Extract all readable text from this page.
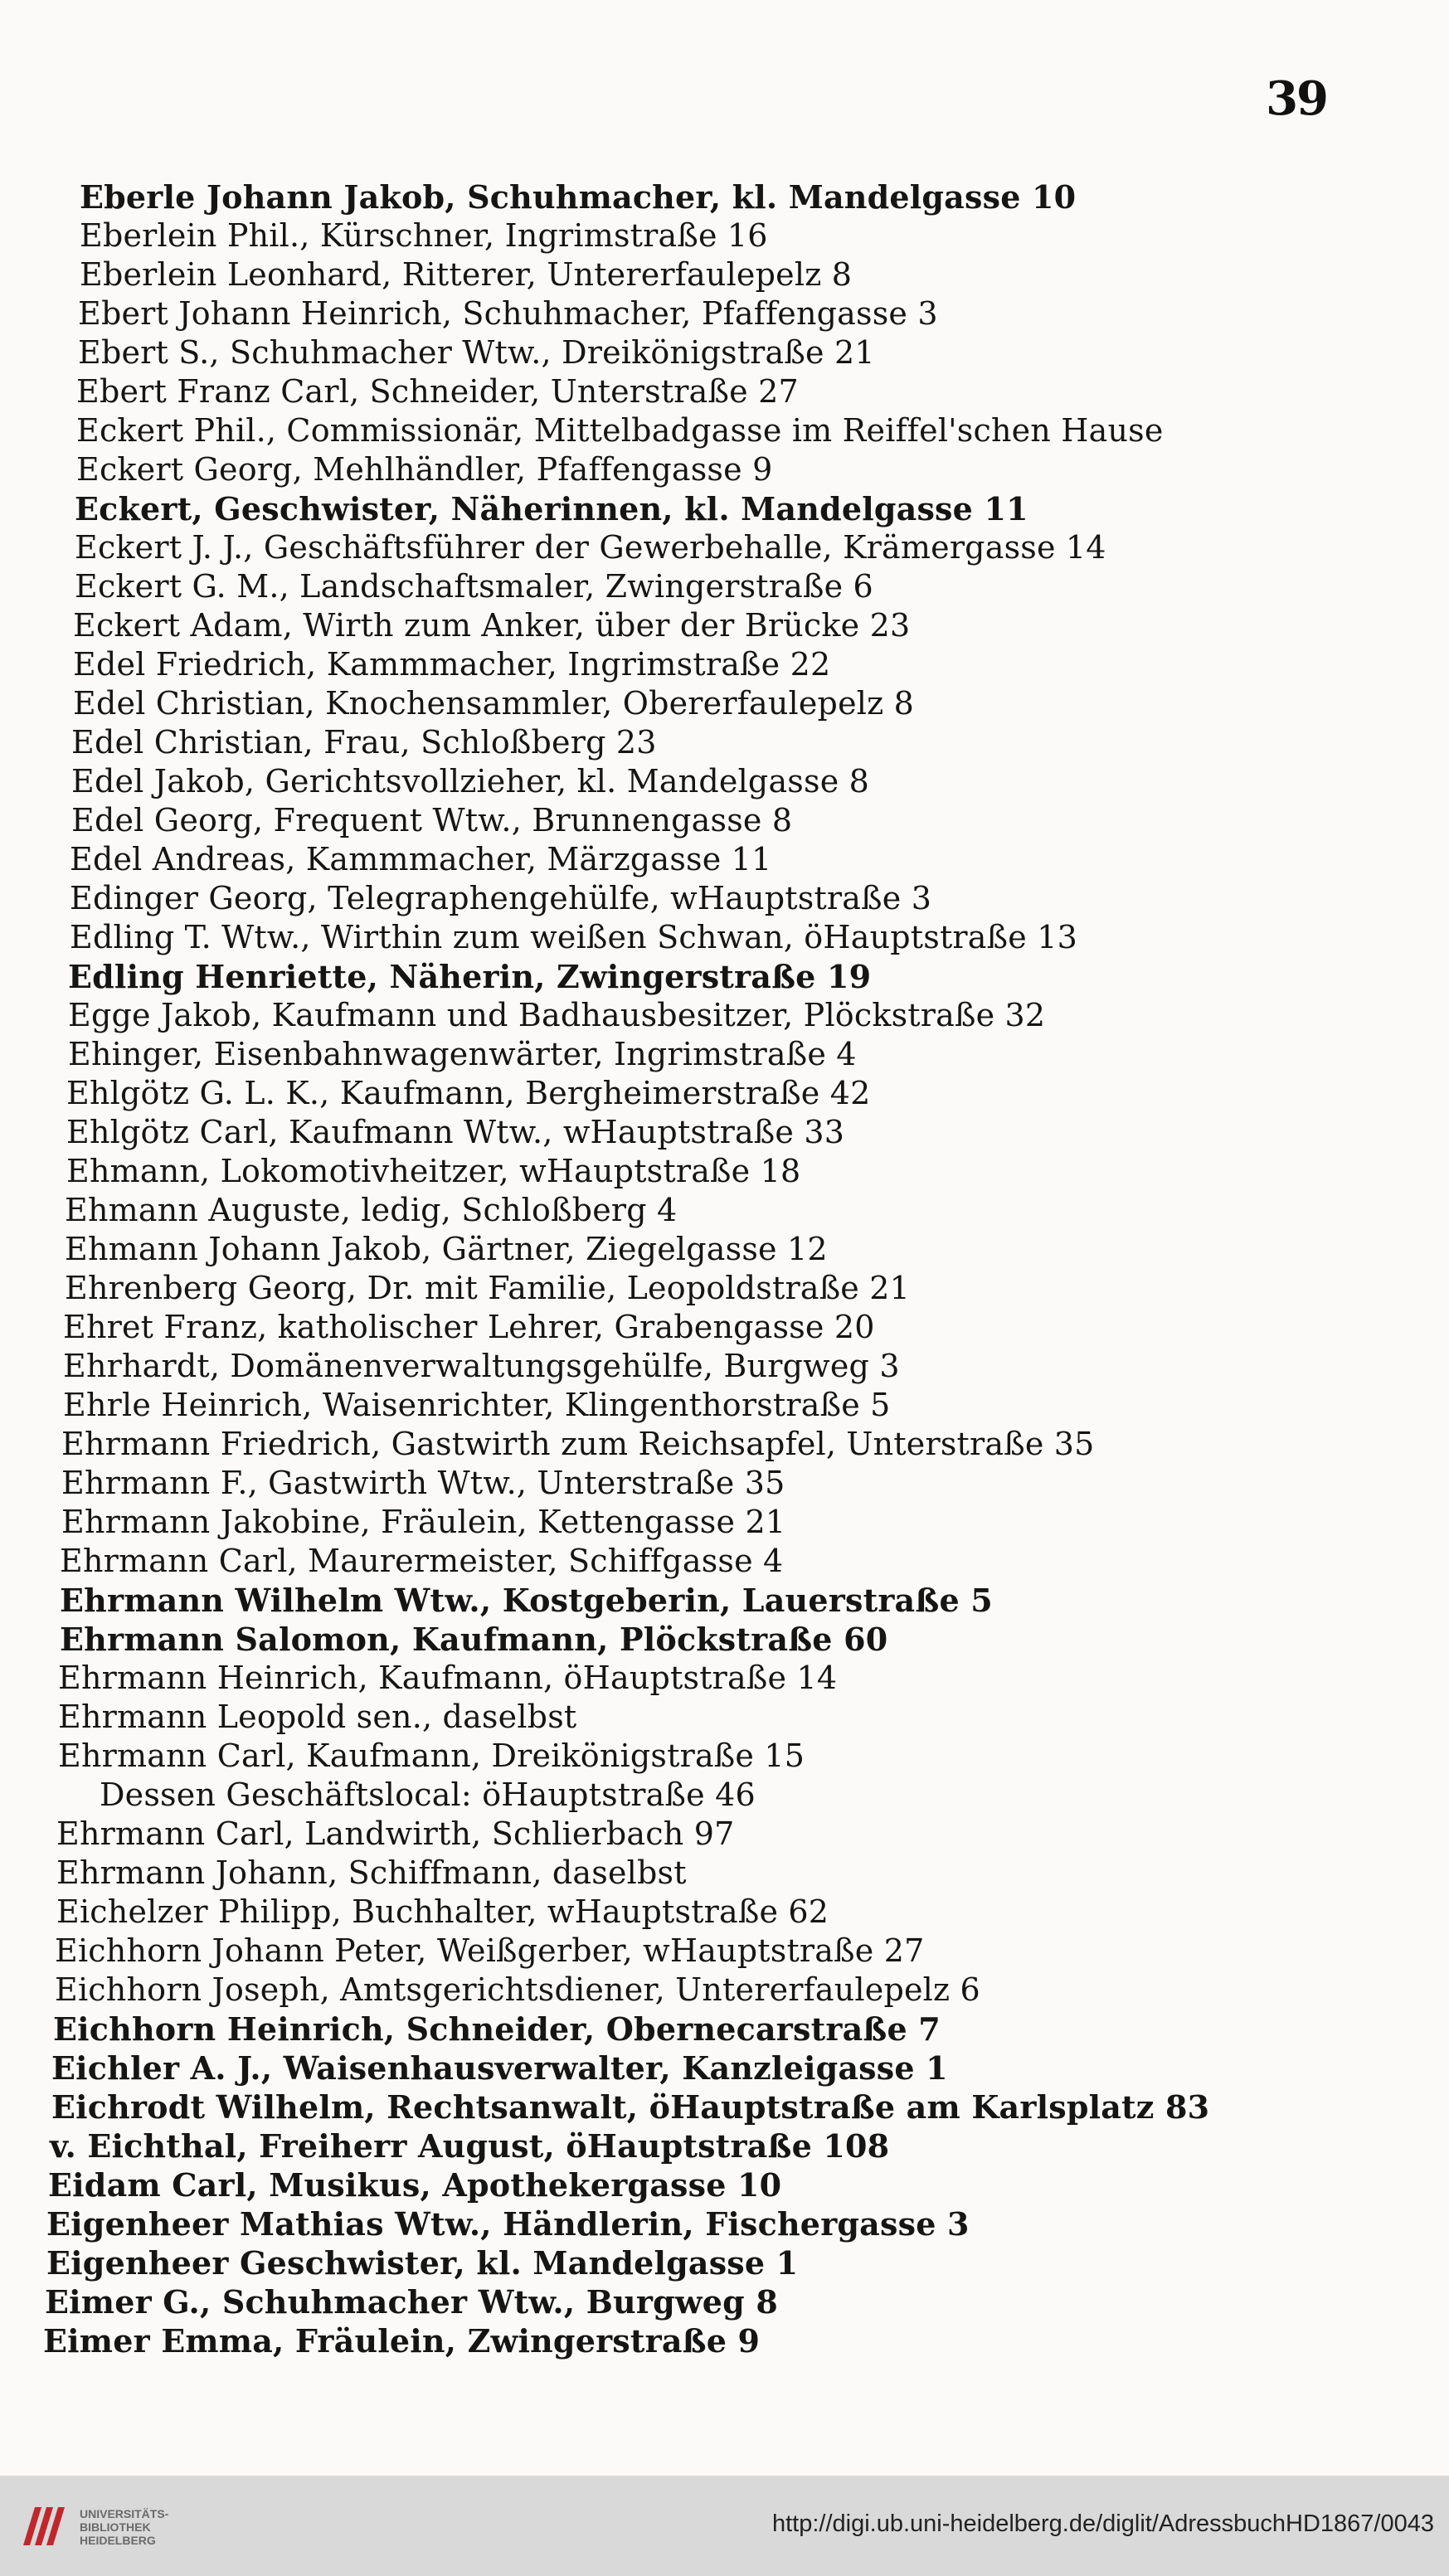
39
Eberle Johann Jakob, Schuhmacher, kl. Mandelgasse 10
Eberlein Phil., Kürschner, Ingrimstraße 16
Eberlein Leonhard, Ritterer, Untererfaulepelz 8
Ebert Johann Heinrich, Schuhmacher, Pfaffengasse 3
Ebert S., Schuhmacher Wtw., Dreikönigstraße 21
Ebert Franz Carl, Schneider, Unterstraße 27
Eckert Phil., Commissionär, Mittelbadgasse im Reiffel'schen Hause
Eckert Georg, Mehlhändler, Pfaffengasse 9
Eckert, Geschwister, Näherinnen, kl. Mandelgasse 11
Eckert J. J., Geschäftsführer der Gewerbehalle, Krämergasse 14
Eckert G. M., Landschaftsmaler, Zwingerstraße 6
Eckert Adam, Wirth zum Anker, über der Brücke 23
Edel Friedrich, Kammmacher, Ingrimstraße 22
Edel Christian, Knochensammler, Obererfaulepelz 8
Edel Christian, Frau, Schloßberg 23
Edel Jakob, Gerichtsvollzieher, kl. Mandelgasse 8
Edel Georg, Frequent Wtw., Brunnengasse 8
Edel Andreas, Kammmacher, Märzgasse 11
Edinger Georg, Telegraphengehülfe, wHauptstraße 3
Edling T. Wtw., Wirthin zum weißen Schwan, öHauptstraße 13
Edling Henriette, Näherin, Zwingerstraße 19
Egge Jakob, Kaufmann und Badhausbesitzer, Plöckstraße 32
Ehinger, Eisenbahnwagenwärter, Ingrimstraße 4
Ehlgötz G. L. K., Kaufmann, Bergheimerstraße 42
Ehlgötz Carl, Kaufmann Wtw., wHauptstraße 33
Ehmann, Lokomotivheitzer, wHauptstraße 18
Ehmann Auguste, ledig, Schloßberg 4
Ehmann Johann Jakob, Gärtner, Ziegelgasse 12
Ehrenberg Georg, Dr. mit Familie, Leopoldstraße 21
Ehret Franz, katholischer Lehrer, Grabengasse 20
Ehrhardt, Domänenverwaltungsgehülfe, Burgweg 3
Ehrle Heinrich, Waisenrichter, Klingenthorstraße 5
Ehrmann Friedrich, Gastwirth zum Reichsapfel, Unterstraße 35
Ehrmann F., Gastwirth Wtw., Unterstraße 35
Ehrmann Jakobine, Fräulein, Kettengasse 21
Ehrmann Carl, Maurermeister, Schiffgasse 4
Ehrmann Wilhelm Wtw., Kostgeberin, Lauerstraße 5
Ehrmann Salomon, Kaufmann, Plöckstraße 60
Ehrmann Heinrich, Kaufmann, öHauptstraße 14
Ehrmann Leopold sen., daselbst
Ehrmann Carl, Kaufmann, Dreikönigstraße 15
Dessen Geschäftslocal: öHauptstraße 46
Ehrmann Carl, Landwirth, Schlierbach 97
Ehrmann Johann, Schiffmann, daselbst
Eichelzer Philipp, Buchhalter, wHauptstraße 62
Eichhorn Johann Peter, Weißgerber, wHauptstraße 27
Eichhorn Joseph, Amtsgerichtsdiener, Untererfaulepelz 6
Eichhorn Heinrich, Schneider, Obernecarstraße 7
Eichler A. J., Waisenhausverwalter, Kanzleigasse 1
Eichrodt Wilhelm, Rechtsanwalt, öHauptstraße am Karlsplatz 83
v. Eichthal, Freiherr August, öHauptstraße 108
Eidam Carl, Musikus, Apothekergasse 10
Eigenheer Mathias Wtw., Händlerin, Fischergasse 3
Eigenheer Geschwister, kl. Mandelgasse 1
Eimer G., Schuhmacher Wtw., Burgweg 8
Eimer Emma, Fräulein, Zwingerstraße 9
UNIVERSITÄTS-
BIBLIOTHEK
HEIDELBERG
http://digi.ub.uni-heidelberg.de/diglit/AdressbuchHD1867/0043
